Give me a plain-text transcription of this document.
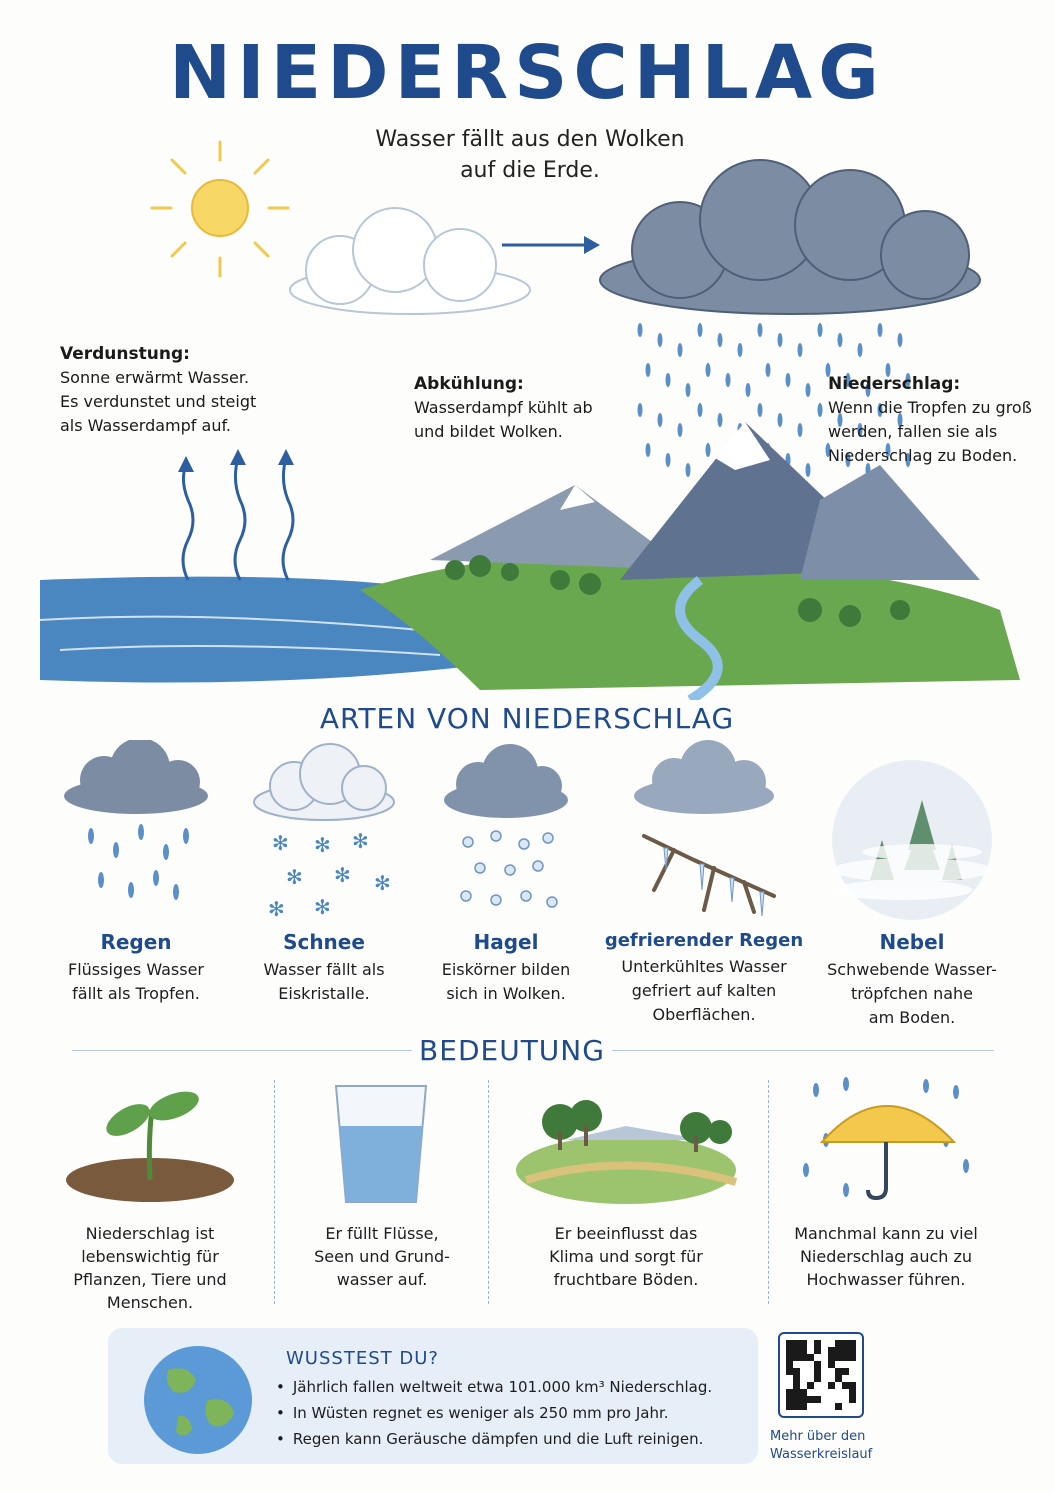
NIEDERSCHLAG
Wasser fällt aus den Wolken
auf die Erde.
Verdunstung:
Sonne erwärmt Wasser.
Es verdunstet und steigt
als Wasserdampf auf.
Abkühlung:
Wasserdampf kühlt ab
und bildet Wolken.
Niederschlag:
Wenn die Tropfen zu groß
werden, fallen sie als
Niederschlag zu Boden.
ARTEN VON NIEDERSCHLAG
Regen
Flüssiges Wasser
fällt als Tropfen.
✻ ✻ ✻
✻ ✻ ✻
✻ ✻
Schnee
Wasser fällt als
Eiskristalle.
Hagel
Eiskörner bilden
sich in Wolken.
gefrierender Regen
Unterkühltes Wasser
gefriert auf kalten
Oberflächen.
Nebel
Schwebende Wasser-
tröpfchen nahe
am Boden.
BEDEUTUNG
Niederschlag ist
lebenswichtig für
Pflanzen, Tiere und
Menschen.
Er füllt Flüsse,
Seen und Grund-
wasser auf.
Er beeinflusst das
Klima und sorgt für
fruchtbare Böden.
Manchmal kann zu viel
Niederschlag auch zu
Hochwasser führen.
WUSSTEST DU?
• Jährlich fallen weltweit etwa 101.000 km³ Niederschlag.
• In Wüsten regnet es weniger als 250 mm pro Jahr.
• Regen kann Geräusche dämpfen und die Luft reinigen.	Mehr über den
Wasserkreislauf
